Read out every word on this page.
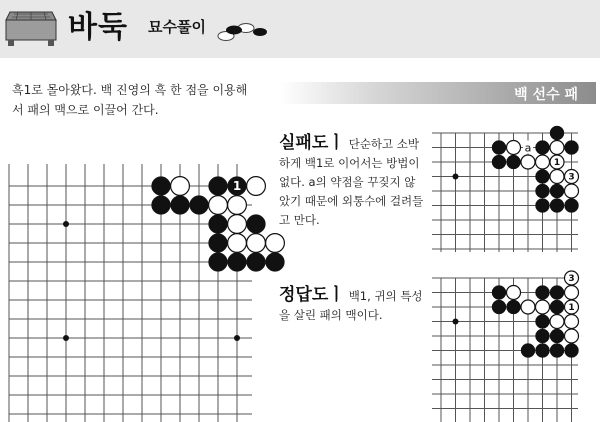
바둑 묘수풀이
흑1로 몰아왔다. 백 진영의 흑 한 점을 이용해서 패의 맥으로 이끌어 간다.
백 선수 패
실패도ㅣ 단순하고 소박하게 백1로 이어서는 방법이 없다. a의 약점을 꾸짖지 않았기 때문에 외통수에 걸려들고 만다.
정답도ㅣ 백1, 귀의 특성을 살린 패의 맥이다.
1
a
1
3
3
1
